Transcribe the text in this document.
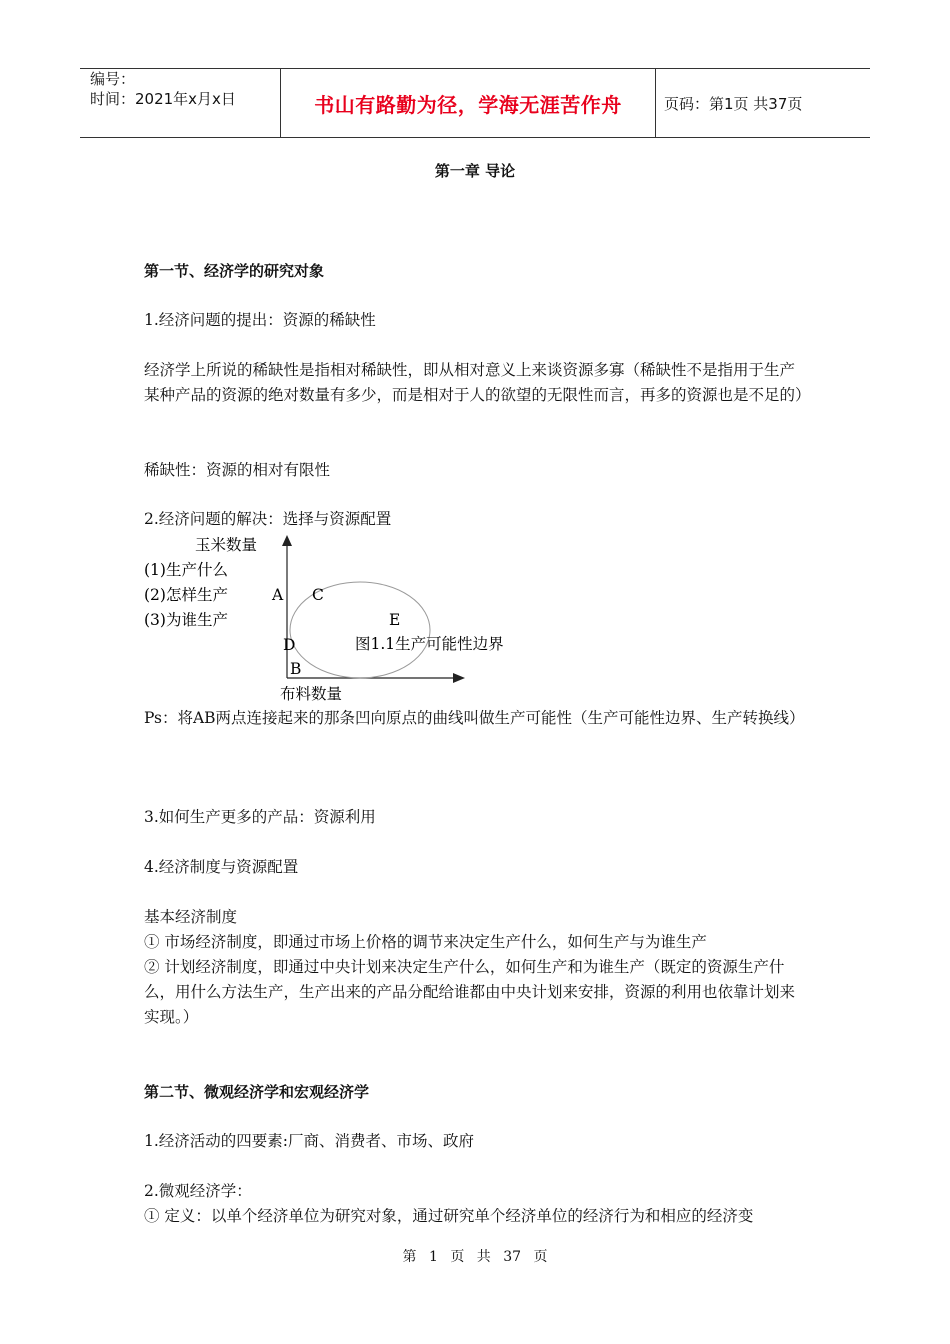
编号：
时间：2021年x月x日	书山有路勤为径，学海无涯苦作舟	页码：第1页 共37页
第一章 导论

第一节、经济学的研究对象

1.经济问题的提出：资源的稀缺性

经济学上所说的稀缺性是指相对稀缺性，即从相对意义上来谈资源多寡（稀缺性不是指用于生产某种产品的资源的绝对数量有多少，而是相对于人的欲望的无限性而言，再多的资源也是不足的）

稀缺性：资源的相对有限性

2.经济问题的解决：选择与资源配置

玉米数量
(1)生产什么
(2)怎样生产
(3)为谁生产
A C
E
D	图1.1生产可能性边界
B
布料数量

Ps：将AB两点连接起来的那条凹向原点的曲线叫做生产可能性（生产可能性边界、生产转换线）

3.如何生产更多的产品：资源利用

4.经济制度与资源配置

基本经济制度

① 市场经济制度，即通过市场上价格的调节来决定生产什么，如何生产与为谁生产

② 计划经济制度，即通过中央计划来决定生产什么，如何生产和为谁生产（既定的资源生产什么，用什么方法生产，生产出来的产品分配给谁都由中央计划来安排，资源的利用也依靠计划来实现。）

第二节、微观经济学和宏观经济学

1.经济活动的四要素:厂商、消费者、市场、政府

2.微观经济学：

① 定义：以单个经济单位为研究对象，通过研究单个经济单位的经济行为和相应的经济变

第 1 页 共 37 页
